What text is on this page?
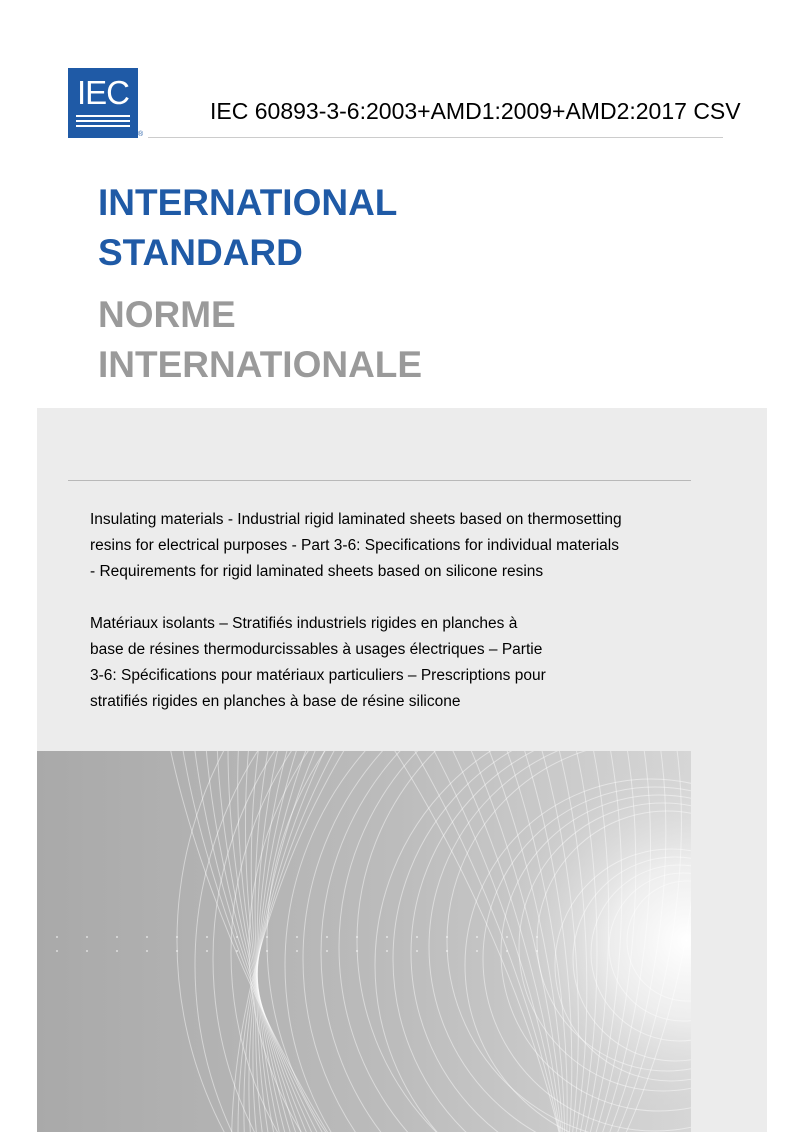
IEC
®
IEC 60893-3-6:2003+AMD1:2009+AMD2:2017 CSV
INTERNATIONAL
STANDARD
NORME
INTERNATIONALE
Insulating materials - Industrial rigid laminated sheets based on thermosetting
resins for electrical purposes - Part 3-6: Specifications for individual materials
- Requirements for rigid laminated sheets based on silicone resins
Matériaux isolants – Stratifiés industriels rigides en planches à
base de résines thermodurcissables à usages électriques – Partie
3-6: Spécifications pour matériaux particuliers – Prescriptions pour
stratifiés rigides en planches à base de résine silicone
